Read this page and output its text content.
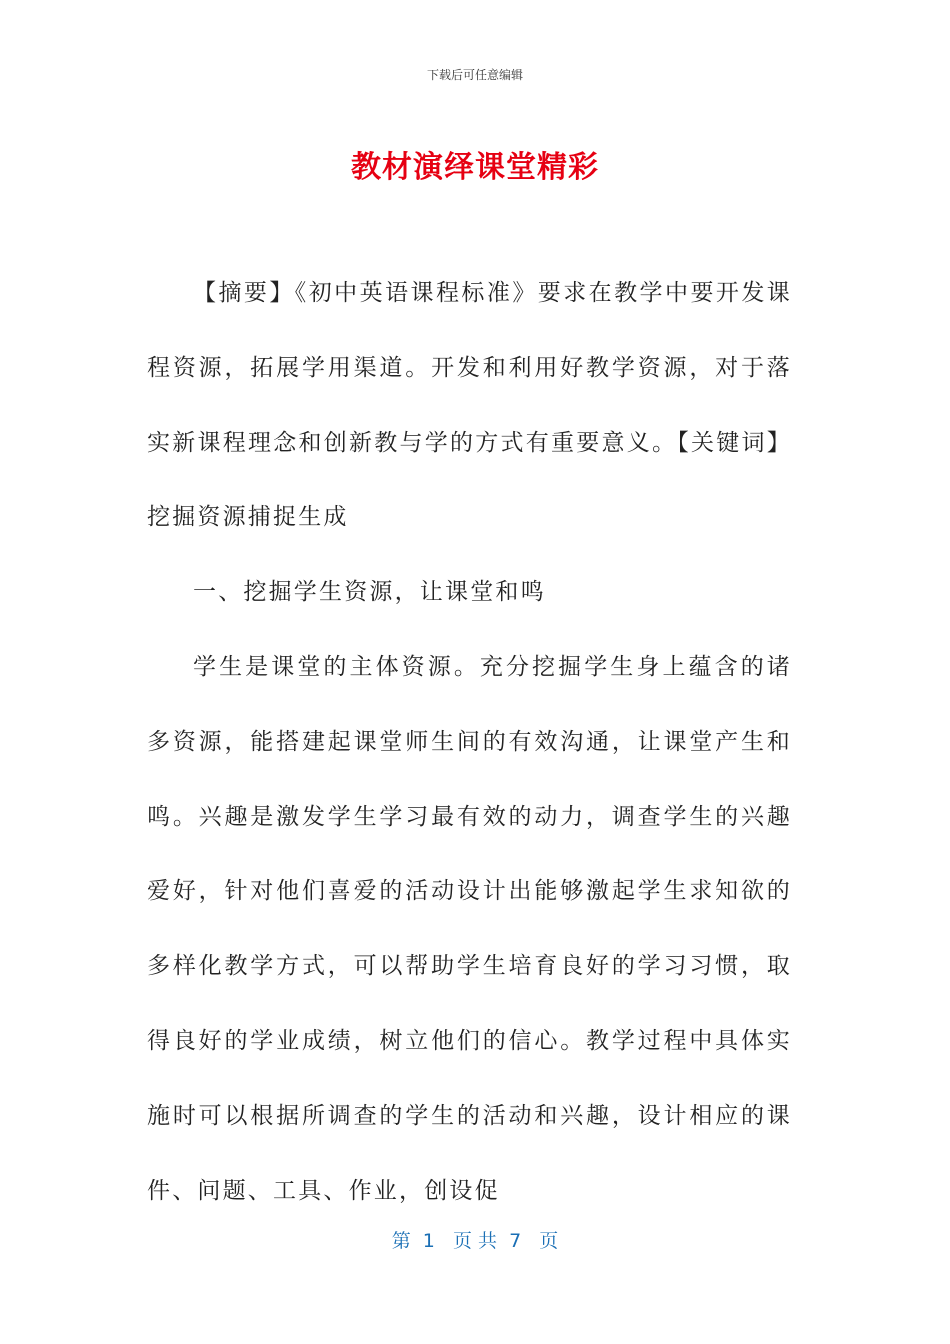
下载后可任意编辑
教材演绎课堂精彩

【摘要】《初中英语课程标准》要求在教学中要开发课程资源，拓展学用渠道。开发和利用好教学资源，对于落实新课程理念和创新教与学的方式有重要意义。【关键词】挖掘资源捕捉生成

一、挖掘学生资源，让课堂和鸣

学生是课堂的主体资源。充分挖掘学生身上蕴含的诸多资源，能搭建起课堂师生间的有效沟通，让课堂产生和鸣。兴趣是激发学生学习最有效的动力，调查学生的兴趣爱好，针对他们喜爱的活动设计出能够激起学生求知欲的多样化教学方式，可以帮助学生培育良好的学习习惯，取得良好的学业成绩，树立他们的信心。教学过程中具体实施时可以根据所调查的学生的活动和兴趣，设计相应的课件、问题、工具、作业，创设促

第  1   页 共  7   页
